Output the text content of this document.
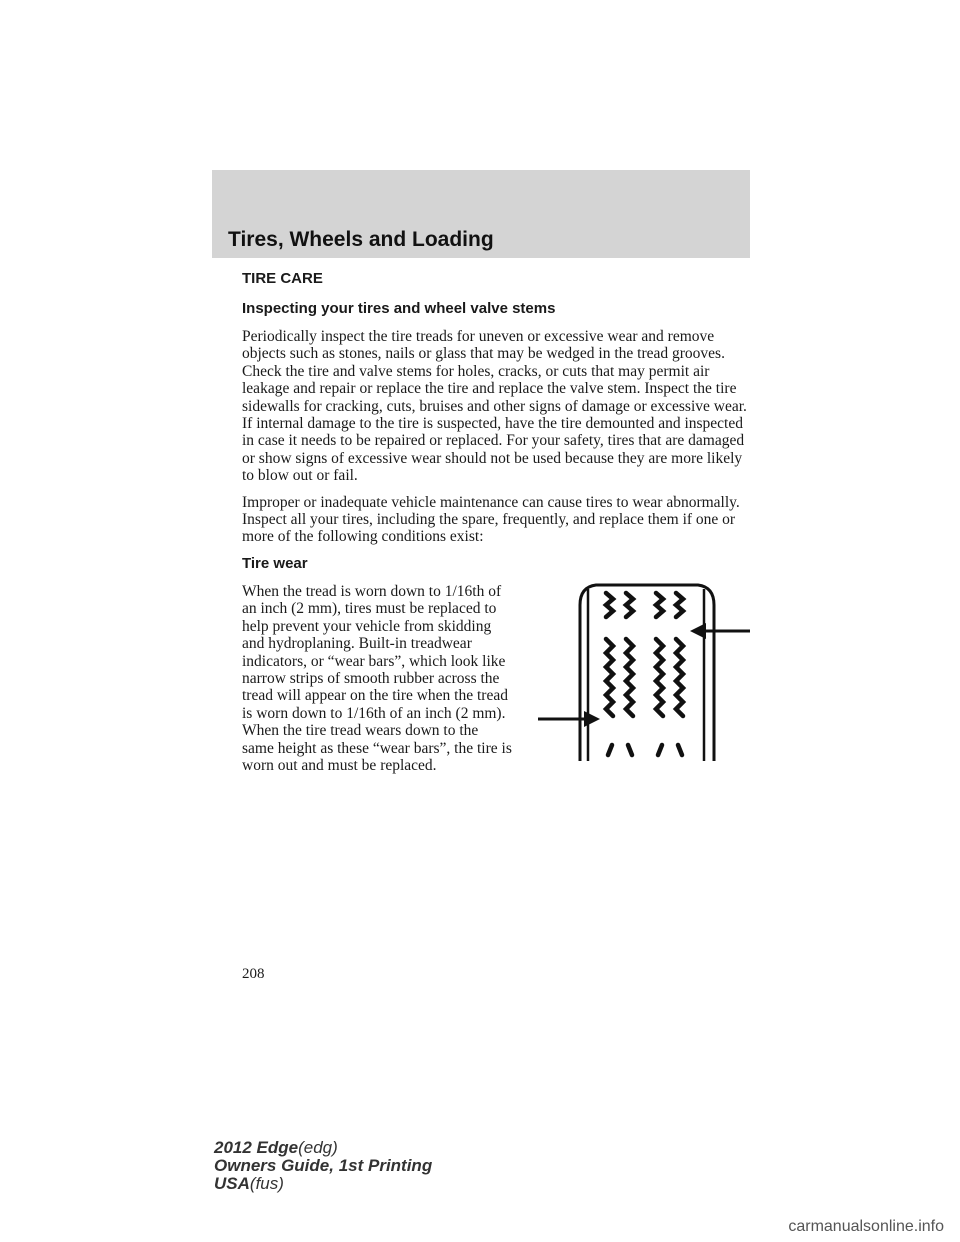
Tires, Wheels and Loading
TIRE CARE
Inspecting your tires and wheel valve stems

Periodically inspect the tire treads for uneven or excessive wear and remove objects such as stones, nails or glass that may be wedged in the tread grooves. Check the tire and valve stems for holes, cracks, or cuts that may permit air leakage and repair or replace the tire and replace the valve stem. Inspect the tire sidewalls for cracking, cuts, bruises and other signs of damage or excessive wear. If internal damage to the tire is suspected, have the tire demounted and inspected in case it needs to be repaired or replaced. For your safety, tires that are damaged or show signs of excessive wear should not be used because they are more likely to blow out or fail.

Improper or inadequate vehicle maintenance can cause tires to wear abnormally. Inspect all your tires, including the spare, frequently, and replace them if one or more of the following conditions exist:

Tire wear

When the tread is worn down to 1/16th of an inch (2 mm), tires must be replaced to help prevent your vehicle from skidding and hydroplaning. Built-in treadwear indicators, or “wear bars”, which look like narrow strips of smooth rubber across the tread will appear on the tire when the tread is worn down to 1/16th of an inch (2 mm). When the tire tread wears down to the same height as these “wear bars”, the tire is worn out and must be replaced.

208
2012 Edge(edg)
Owners Guide, 1st Printing
USA(fus)
carmanualsonline.info
